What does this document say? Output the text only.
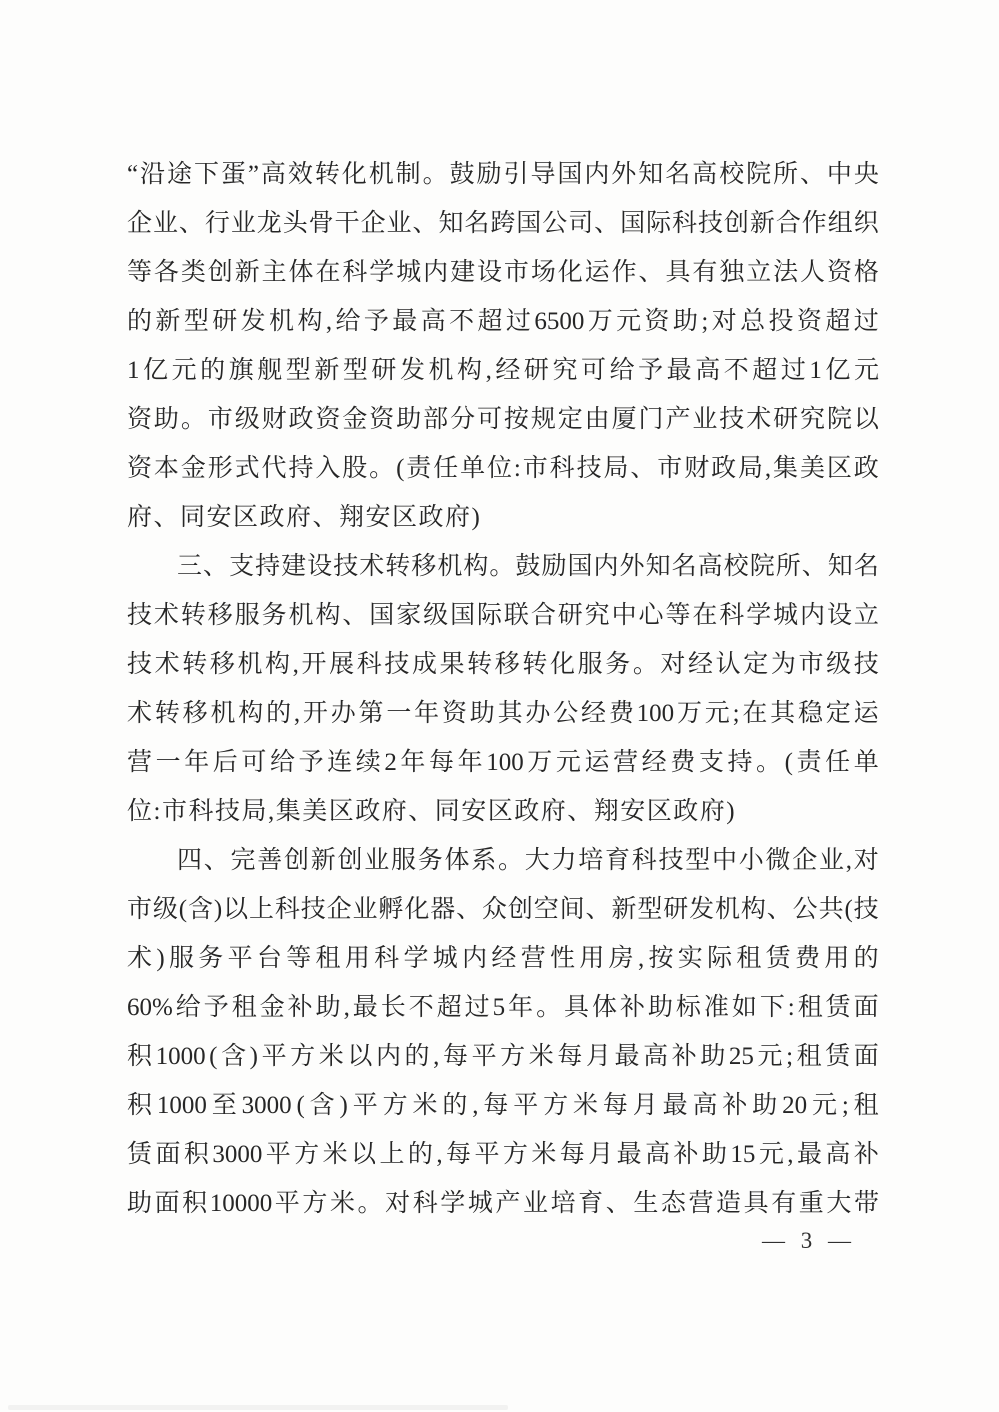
“ 沿 途 下 蛋 ” 高 效 转 化 机 制 。 鼓 励 引 导 国 内 外 知 名 高 校 院 所 、 中 央
企 业 、 行 业 龙 头 骨 干 企 业 、 知 名 跨 国 公 司 、 国 际 科 技 创 新 合 作 组 织
等 各 类 创 新 主 体 在 科 学 城 内 建 设 市 场 化 运 作 、 具 有 独 立 法 人 资 格
的 新 型 研 发 机 构 , 给 予 最 高 不 超 过 6500 万 元 资 助 ; 对 总 投 资 超 过
1 亿 元 的 旗 舰 型 新 型 研 发 机 构 , 经 研 究 可 给 予 最 高 不 超 过 1 亿 元
资 助 。 市 级 财 政 资 金 资 助 部 分 可 按 规 定 由 厦 门 产 业 技 术 研 究 院 以
资 本 金 形 式 代 持 入 股 。 ( 责 任 单 位 : 市 科 技 局 、 市 财 政 局 , 集 美 区 政
府、同安区政府、翔安区政府)
三 、 支 持 建 设 技 术 转 移 机 构 。 鼓 励 国 内 外 知 名 高 校 院 所 、 知 名
技 术 转 移 服 务 机 构 、 国 家 级 国 际 联 合 研 究 中 心 等 在 科 学 城 内 设 立
技 术 转 移 机 构 , 开 展 科 技 成 果 转 移 转 化 服 务 。 对 经 认 定 为 市 级 技
术 转 移 机 构 的 , 开 办 第 一 年 资 助 其 办 公 经 费 100 万 元 ; 在 其 稳 定 运
营 一 年 后 可 给 予 连 续 2 年 每 年 100 万 元 运 营 经 费 支 持 。 ( 责 任 单
位:市科技局,集美区政府、同安区政府、翔安区政府)
四 、 完 善 创 新 创 业 服 务 体 系 。 大 力 培 育 科 技 型 中 小 微 企 业 , 对
市 级 ( 含 ) 以 上 科 技 企 业 孵 化 器 、 众 创 空 间 、 新 型 研 发 机 构 、 公 共 ( 技
术 ) 服 务 平 台 等 租 用 科 学 城 内 经 营 性 用 房 , 按 实 际 租 赁 费 用 的
60% 给 予 租 金 补 助 , 最 长 不 超 过 5 年 。 具 体 补 助 标 准 如 下 : 租 赁 面
积 1000 ( 含 ) 平 方 米 以 内 的 , 每 平 方 米 每 月 最 高 补 助 25 元 ; 租 赁 面
积 1000 至 3000 ( 含 ) 平 方 米 的 , 每 平 方 米 每 月 最 高 补 助 20 元 ; 租
赁 面 积 3000 平 方 米 以 上 的 , 每 平 方 米 每 月 最 高 补 助 15 元 , 最 高 补
助 面 积 10000 平 方 米 。 对 科 学 城 产 业 培 育 、 生 态 营 造 具 有 重 大 带
— 3 —
